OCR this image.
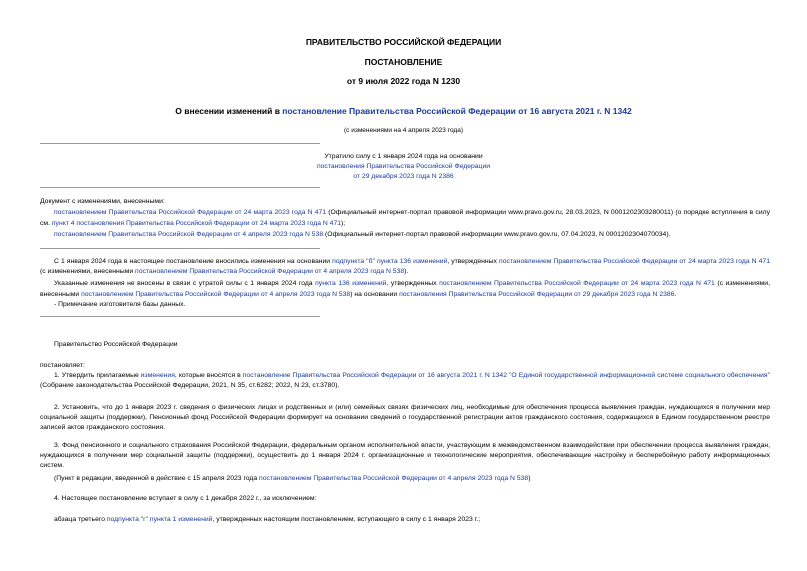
ПРАВИТЕЛЬСТВО РОССИЙСКОЙ ФЕДЕРАЦИИ
ПОСТАНОВЛЕНИЕ
от 9 июля 2022 года N 1230
О внесении изменений в постановление Правительства Российской Федерации от 16 августа 2021 г. N 1342
(с изменениями на 4 апреля 2023 года)
Утратило силу с 1 января 2024 года на основании
постановления Правительства Российской Федерации
от 29 декабря 2023 года N 2386
Документ с изменениями, внесенными:
постановлением Правительства Российской Федерации от 24 марта 2023 года N 471 (Официальный интернет-портал правовой информации www.pravo.gov.ru, 28.03.2023, N 0001202303280011) (о порядке вступления в силу см. пункт 4 постановления Правительства Российской Федерации от 24 марта 2023 года N 471);
постановлением Правительства Российской Федерации от 4 апреля 2023 года N 538 (Официальный интернет-портал правовой информации www.pravo.gov.ru, 07.04.2023, N 0001202304070034).
С 1 января 2024 года в настоящее постановление вносились изменения на основании подпункта "б" пункта 136 изменений, утвержденных постановлением Правительства Российской Федерации от 24 марта 2023 года N 471 (с изменениями, внесенными постановлением Правительства Российской Федерации от 4 апреля 2023 года N 538).
Указанные изменения не вносены в связи с утратой силы с 1 января 2024 года пункта 136 изменений, утвержденных постановлением Правительства Российской Федерации от 24 марта 2023 года N 471 (с изменениями, внесенными постановлением Правительства Российской Федерации от 4 апреля 2023 года N 538) на основании постановления Правительства Российской Федерации от 29 декабря 2023 года N 2386.
- Примечание изготовителя базы данных.
Правительство Российской Федерации
постановляет:
1. Утвердить прилагаемые изменения, которые вносятся в постановление Правительства Российской Федерации от 16 августа 2021 г. N 1342 "О Единой государственной информационной системе социального обеспечения" (Собрание законодательства Российской Федерации, 2021, N 35, ст.6282; 2022, N 23, ст.3780).
2. Установить, что до 1 января 2023 г. сведения о физических лицах и родственных и (или) семейных связях физических лиц, необходимые для обеспечения процесса выявления граждан, нуждающихся в получении мер социальной защиты (поддержки), Пенсионный фонд Российской Федерации формирует на основании сведений о государственной регистрации актов гражданского состояния, содержащихся в Едином государственном реестре записей актов гражданского состояния.
3. Фонд пенсионного и социального страхования Российской Федерации, федеральным органом исполнительной власти, участвующим в межведомственном взаимодействии при обеспечении процесса выявления граждан, нуждающихся в получении мер социальной защиты (поддержки), осуществить до 1 января 2024 г. организационные и технологические мероприятия, обеспечивающие настройку и бесперебойную работу информационных систем.
(Пункт в редакции, введенной в действие с 15 апреля 2023 года постановлением Правительства Российской Федерации от 4 апреля 2023 года N 538)
4. Настоящее постановление вступает в силу с 1 декабря 2022 г., за исключением:
абзаца третьего подпункта "г" пункта 1 изменений, утвержденных настоящим постановлением, вступающего в силу с 1 января 2023 г.;
